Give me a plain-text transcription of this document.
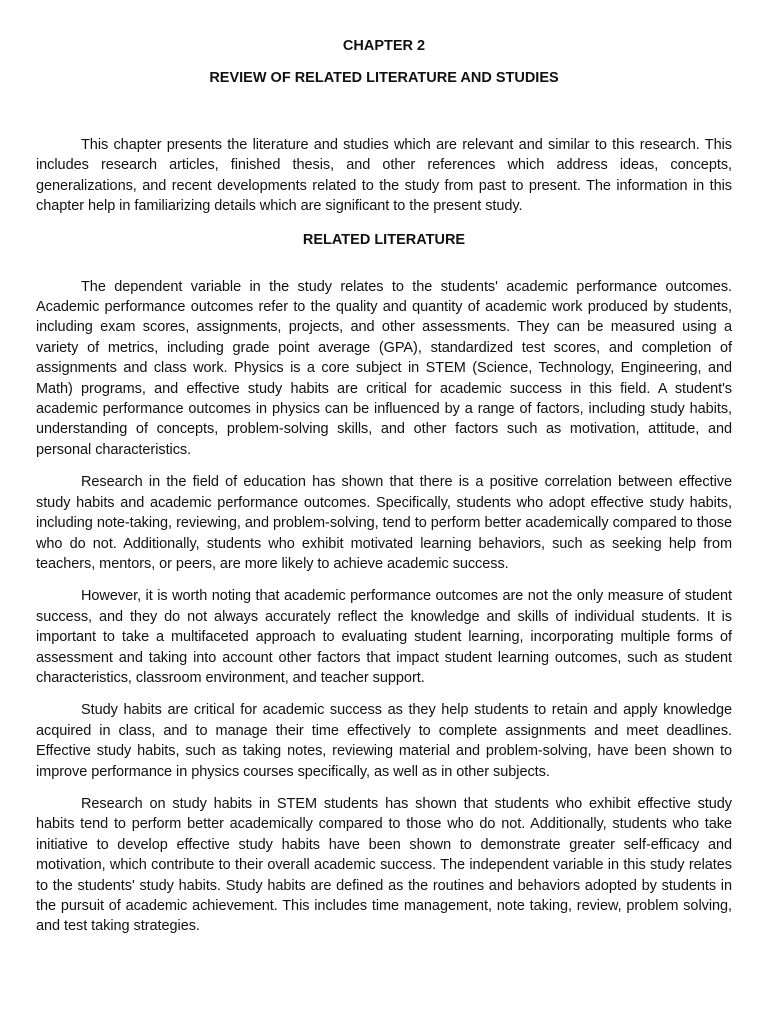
CHAPTER 2

REVIEW OF RELATED LITERATURE AND STUDIES

This chapter presents the literature and studies which are relevant and similar to this research. This includes research articles, finished thesis, and other references which address ideas, concepts, generalizations, and recent developments related to the study from past to present. The information in this chapter help in familiarizing details which are significant to the present study.

RELATED LITERATURE

The dependent variable in the study relates to the students' academic performance outcomes. Academic performance outcomes refer to the quality and quantity of academic work produced by students, including exam scores, assignments, projects, and other assessments. They can be measured using a variety of metrics, including grade point average (GPA), standardized test scores, and completion of assignments and class work. Physics is a core subject in STEM (Science, Technology, Engineering, and Math) programs, and effective study habits are critical for academic success in this field. A student's academic performance outcomes in physics can be influenced by a range of factors, including study habits, understanding of concepts, problem-solving skills, and other factors such as motivation, attitude, and personal characteristics.

Research in the field of education has shown that there is a positive correlation between effective study habits and academic performance outcomes. Specifically, students who adopt effective study habits, including note-taking, reviewing, and problem-solving, tend to perform better academically compared to those who do not. Additionally, students who exhibit motivated learning behaviors, such as seeking help from teachers, mentors, or peers, are more likely to achieve academic success.

However, it is worth noting that academic performance outcomes are not the only measure of student success, and they do not always accurately reflect the knowledge and skills of individual students. It is important to take a multifaceted approach to evaluating student learning, incorporating multiple forms of assessment and taking into account other factors that impact student learning outcomes, such as student characteristics, classroom environment, and teacher support.

Study habits are critical for academic success as they help students to retain and apply knowledge acquired in class, and to manage their time effectively to complete assignments and meet deadlines. Effective study habits, such as taking notes, reviewing material and problem-solving, have been shown to improve performance in physics courses specifically, as well as in other subjects.

Research on study habits in STEM students has shown that students who exhibit effective study habits tend to perform better academically compared to those who do not. Additionally, students who take initiative to develop effective study habits have been shown to demonstrate greater self-efficacy and motivation, which contribute to their overall academic success. The independent variable in this study relates to the students' study habits. Study habits are defined as the routines and behaviors adopted by students in the pursuit of academic achievement. This includes time management, note taking, review, problem solving, and test taking strategies.
